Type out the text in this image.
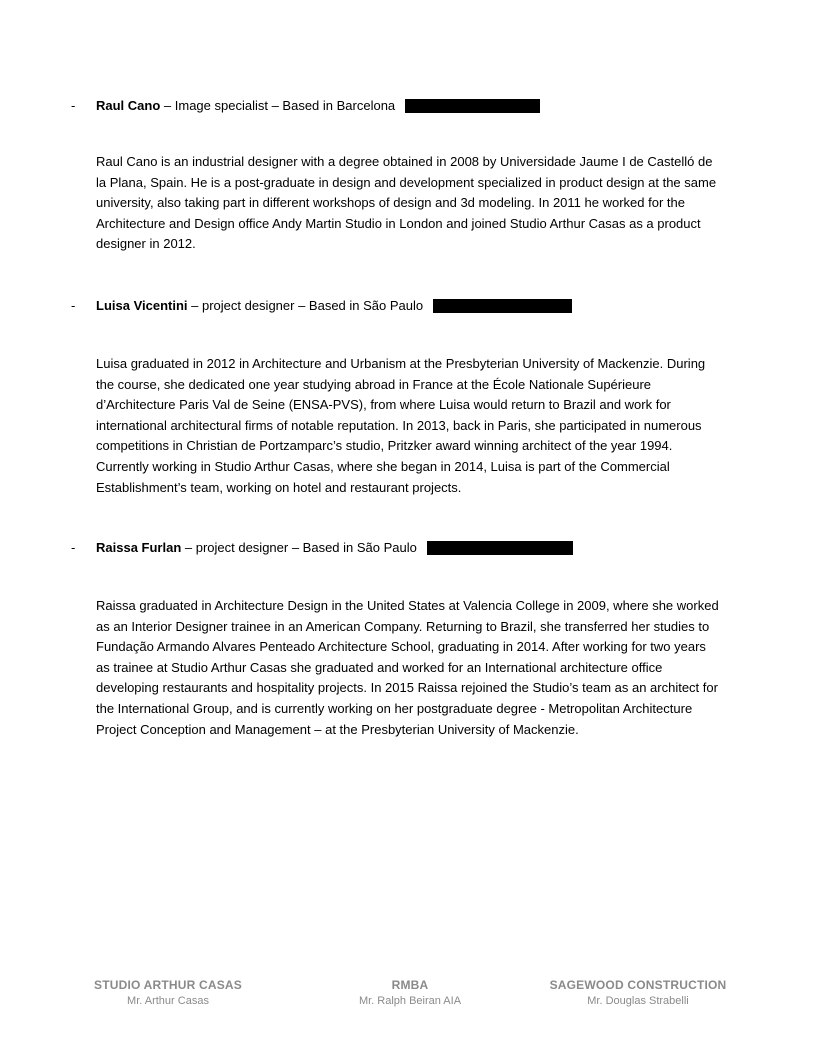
- Raul Cano – Image specialist – Based in Barcelona

Raul Cano is an industrial designer with a degree obtained in 2008 by Universidade Jaume I de Castelló de la Plana, Spain. He is a post-graduate in design and development specialized in product design at the same university, also taking part in different workshops of design and 3d modeling. In 2011 he worked for the Architecture and Design office Andy Martin Studio in London and joined Studio Arthur Casas as a product designer in 2012.

- Luisa Vicentini – project designer – Based in São Paulo

Luisa graduated in 2012 in Architecture and Urbanism at the Presbyterian University of Mackenzie. During the course, she dedicated one year studying abroad in France at the École Nationale Supérieure d’Architecture Paris Val de Seine (ENSA-PVS), from where Luisa would return to Brazil and work for international architectural firms of notable reputation. In 2013, back in Paris, she participated in numerous competitions in Christian de Portzamparc’s studio, Pritzker award winning architect of the year 1994. Currently working in Studio Arthur Casas, where she began in 2014, Luisa is part of the Commercial Establishment’s team, working on hotel and restaurant projects.

- Raissa Furlan – project designer – Based in São Paulo

Raissa graduated in Architecture Design in the United States at Valencia College in 2009, where she worked as an Interior Designer trainee in an American Company. Returning to Brazil, she transferred her studies to Fundação Armando Alvares Penteado Architecture School, graduating in 2014. After working for two years as trainee at Studio Arthur Casas she graduated and worked for an International architecture office developing restaurants and hospitality projects. In 2015 Raissa rejoined the Studio’s team as an architect for the International Group, and is currently working on her postgraduate degree - Metropolitan Architecture Project Conception and Management – at the Presbyterian University of Mackenzie.

STUDIO ARTHUR CASAS
Mr. Arthur Casas
RMBA
Mr. Ralph Beiran AIA
SAGEWOOD CONSTRUCTION
Mr. Douglas Strabelli
